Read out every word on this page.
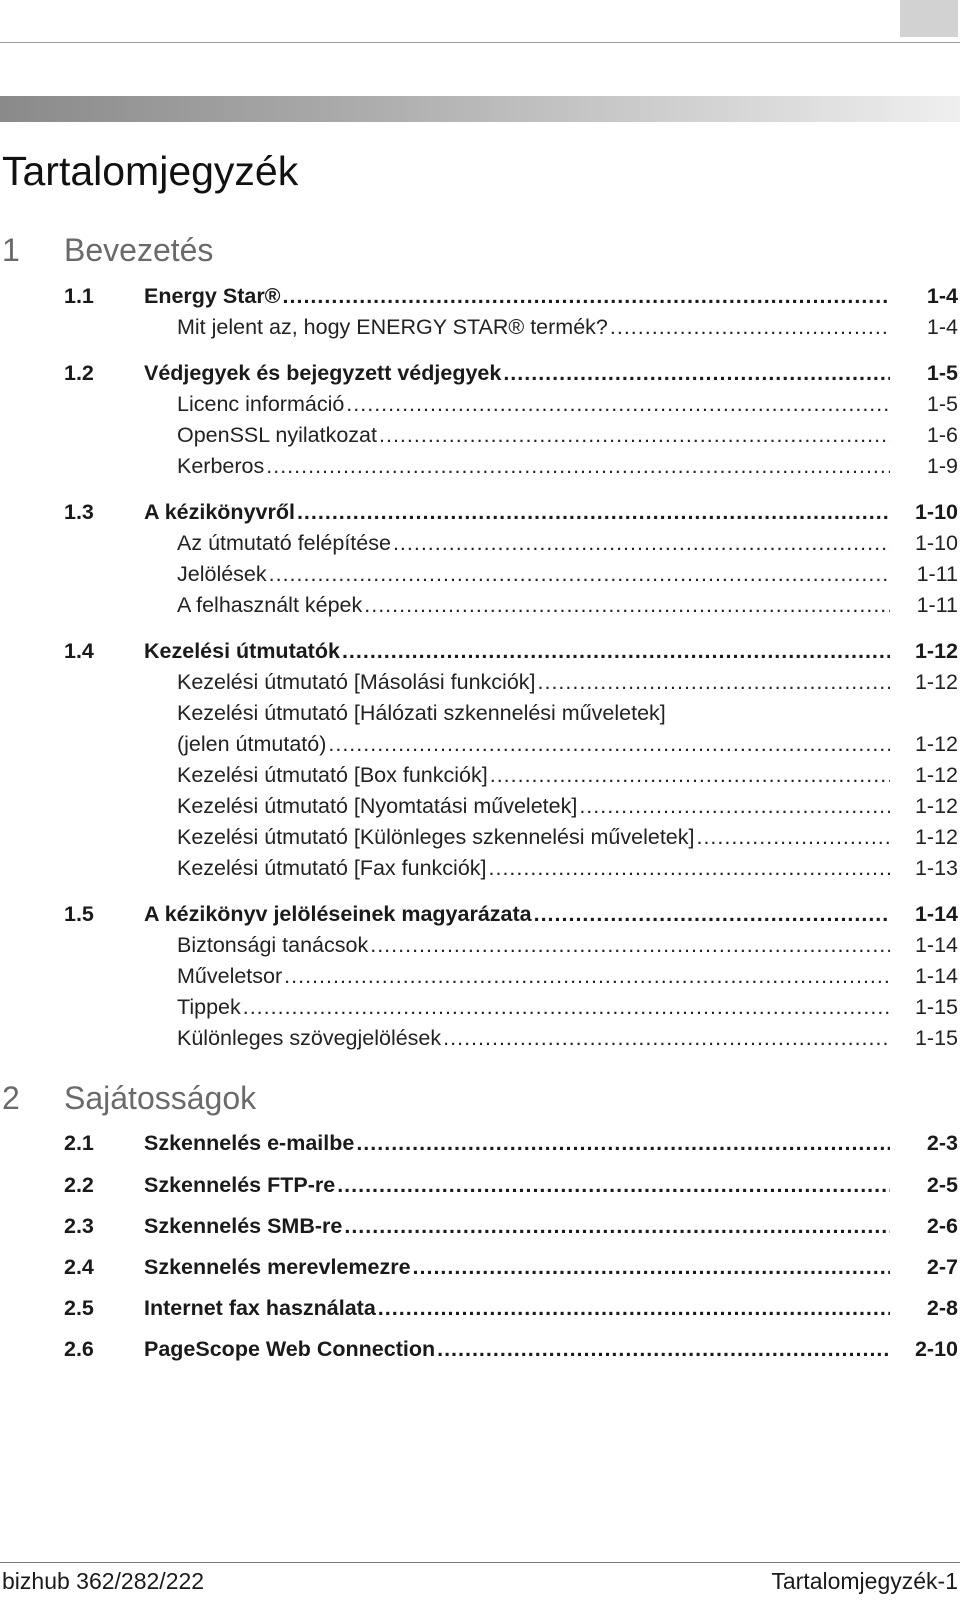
Tartalomjegyzék
1 Bevezetés
1.1 Energy Star® .....	1-4
Mit jelent az, hogy ENERGY STAR® termék? .....	1-4
1.2 Védjegyek és bejegyzett védjegyek .....	1-5
Licenc információ .....	1-5
OpenSSL nyilatkozat .....	1-6
Kerberos .....	1-9
1.3 A kézikönyvről .....	1-10
Az útmutató felépítése .....	1-10
Jelölések .....	1-11
A felhasznált képek .....	1-11
1.4 Kezelési útmutatók .....	1-12
Kezelési útmutató [Másolási funkciók] .....	1-12
Kezelési útmutató [Hálózati szkennelési műveletek]
(jelen útmutató) .....	1-12
Kezelési útmutató [Box funkciók] .....	1-12
Kezelési útmutató [Nyomtatási műveletek] .....	1-12
Kezelési útmutató [Különleges szkennelési műveletek] .....	1-12
Kezelési útmutató [Fax funkciók] .....	1-13
1.5 A kézikönyv jelöléseinek magyarázata .....	1-14
Biztonsági tanácsok .....	1-14
Műveletsor .....	1-14
Tippek .....	1-15
Különleges szövegjelölések .....	1-15
2 Sajátosságok
2.1 Szkennelés e-mailbe .....	2-3
2.2 Szkennelés FTP-re .....	2-5
2.3 Szkennelés SMB-re .....	2-6
2.4 Szkennelés merevlemezre .....	2-7
2.5 Internet fax használata .....	2-8
2.6 PageScope Web Connection .....	2-10
bizhub 362/282/222	Tartalomjegyzék-1
